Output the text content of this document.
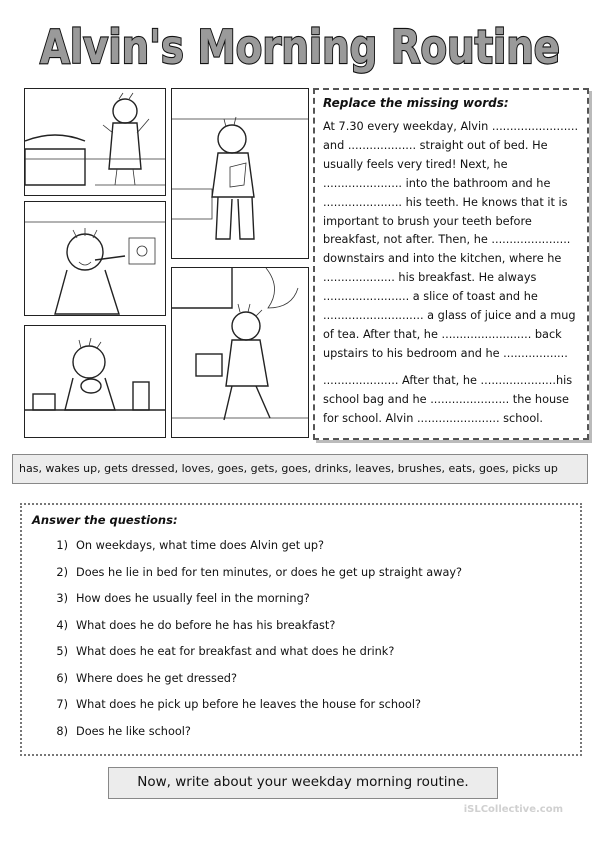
Alvin's Morning Routine

Replace the missing words:

At 7.30 every weekday, Alvin ........................ and ................... straight out of bed. He usually feels very tired! Next, he ...................... into the bathroom and he ...................... his teeth. He knows that it is important to brush your teeth before breakfast, not after. Then, he ...................... downstairs and into the kitchen, where he .................... his breakfast. He always ........................ a slice of toast and he ............................ a glass of juice and a mug of tea. After that, he ......................... back upstairs to his bedroom and he ..................

..................... After that, he .....................his school bag and he ...................... the house for school. Alvin ....................... school.

has, wakes up, gets dressed, loves, goes, gets, goes, drinks, leaves, brushes, eats, goes, picks up

Answer the questions:

1) On weekdays, what time does Alvin get up?
2) Does he lie in bed for ten minutes, or does he get up straight away?
3) How does he usually feel in the morning?
4) What does he do before he has his breakfast?
5) What does he eat for breakfast and what does he drink?
6) Where does he get dressed?
7) What does he pick up before he leaves the house for school?
8) Does he like school?
Now, write about your weekday morning routine.
iSLCollective.com
